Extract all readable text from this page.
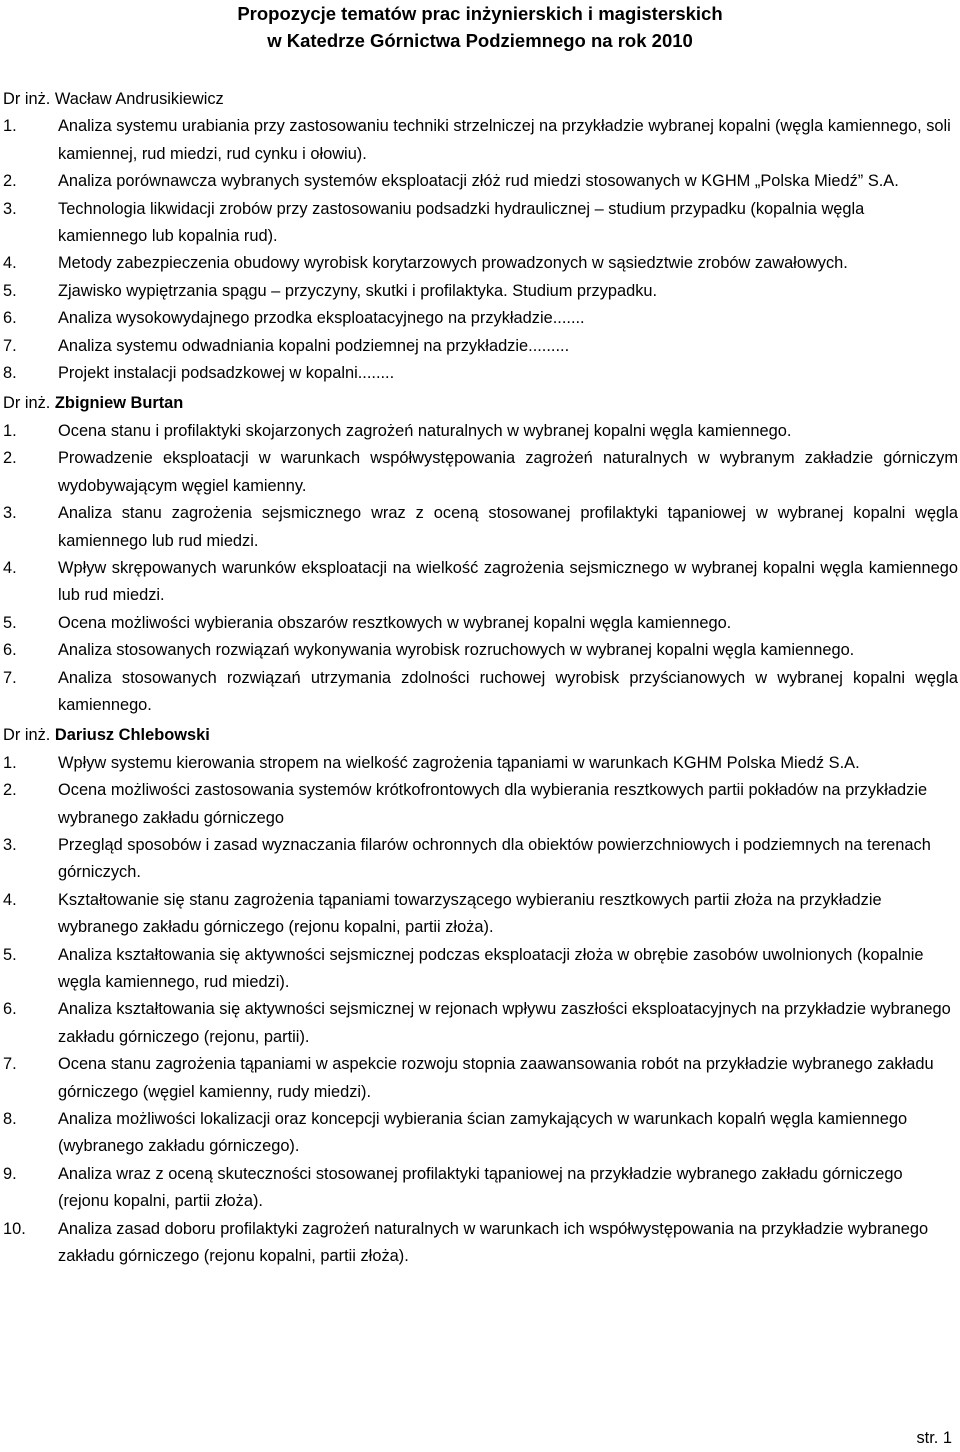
Propozycje tematów prac inżynierskich i magisterskich
w Katedrze Górnictwa Podziemnego na rok 2010
Dr inż. Wacław Andrusikiewicz
1.	Analiza systemu urabiania przy zastosowaniu techniki strzelniczej na przykładzie wybranej kopalni (węgla kamiennego, soli kamiennej, rud miedzi, rud cynku i ołowiu).
2.	Analiza porównawcza wybranych systemów eksploatacji złóż rud miedzi stosowanych w KGHM „Polska Miedź” S.A.
3.	Technologia likwidacji zrobów przy zastosowaniu podsadzki hydraulicznej – studium przypadku (kopalnia węgla kamiennego lub kopalnia rud).
4.	Metody zabezpieczenia obudowy wyrobisk korytarzowych prowadzonych w sąsiedztwie zrobów zawałowych.
5.	Zjawisko wypiętrzania spągu – przyczyny, skutki i profilaktyka. Studium przypadku.
6.	Analiza wysokowydajnego przodka eksploatacyjnego na przykładzie.......
7.	Analiza systemu odwadniania kopalni podziemnej na przykładzie.........
8.	Projekt instalacji podsadzkowej w kopalni........
Dr inż. Zbigniew Burtan
1.	Ocena stanu i profilaktyki skojarzonych zagrożeń naturalnych w wybranej kopalni węgla kamiennego.
2.	Prowadzenie eksploatacji w warunkach współwystępowania zagrożeń naturalnych w wybranym zakładzie górniczym wydobywającym węgiel kamienny.
3.	Analiza stanu zagrożenia sejsmicznego wraz z oceną stosowanej profilaktyki tąpaniowej w wybranej kopalni węgla kamiennego lub rud miedzi.
4.	Wpływ skrępowanych warunków eksploatacji na wielkość zagrożenia sejsmicznego w wybranej kopalni węgla kamiennego lub rud miedzi.
5.	Ocena możliwości wybierania obszarów resztkowych w wybranej kopalni węgla kamiennego.
6.	Analiza stosowanych rozwiązań wykonywania wyrobisk rozruchowych w wybranej kopalni węgla kamiennego.
7.	Analiza stosowanych rozwiązań utrzymania zdolności ruchowej wyrobisk przyścianowych w wybranej kopalni węgla kamiennego.
Dr inż. Dariusz Chlebowski
1.	Wpływ systemu kierowania stropem na wielkość zagrożenia tąpaniami w warunkach KGHM Polska Miedź S.A.
2.	Ocena możliwości zastosowania systemów krótkofrontowych dla wybierania resztkowych partii pokładów na przykładzie wybranego zakładu górniczego
3.	Przegląd sposobów i zasad wyznaczania filarów ochronnych dla obiektów powierzchniowych i podziemnych na terenach górniczych.
4.	Kształtowanie się stanu zagrożenia tąpaniami towarzyszącego wybieraniu resztkowych partii złoża na przykładzie wybranego zakładu górniczego (rejonu kopalni, partii złoża).
5.	Analiza kształtowania się aktywności sejsmicznej podczas eksploatacji złoża w obrębie zasobów uwolnionych (kopalnie węgla kamiennego, rud miedzi).
6.	Analiza kształtowania się aktywności sejsmicznej w rejonach wpływu zaszłości eksploatacyjnych na przykładzie wybranego zakładu górniczego (rejonu, partii).
7.	Ocena stanu zagrożenia tąpaniami w aspekcie rozwoju stopnia zaawansowania robót na przykładzie wybranego zakładu górniczego (węgiel kamienny, rudy miedzi).
8.	Analiza możliwości lokalizacji oraz koncepcji wybierania ścian zamykających w warunkach kopalń węgla kamiennego (wybranego zakładu górniczego).
9.	Analiza wraz z oceną skuteczności stosowanej profilaktyki tąpaniowej na przykładzie wybranego zakładu górniczego (rejonu kopalni, partii złoża).
10.	Analiza zasad doboru profilaktyki zagrożeń naturalnych w warunkach ich współwystępowania na przykładzie wybranego zakładu górniczego (rejonu kopalni, partii złoża).
str. 1
